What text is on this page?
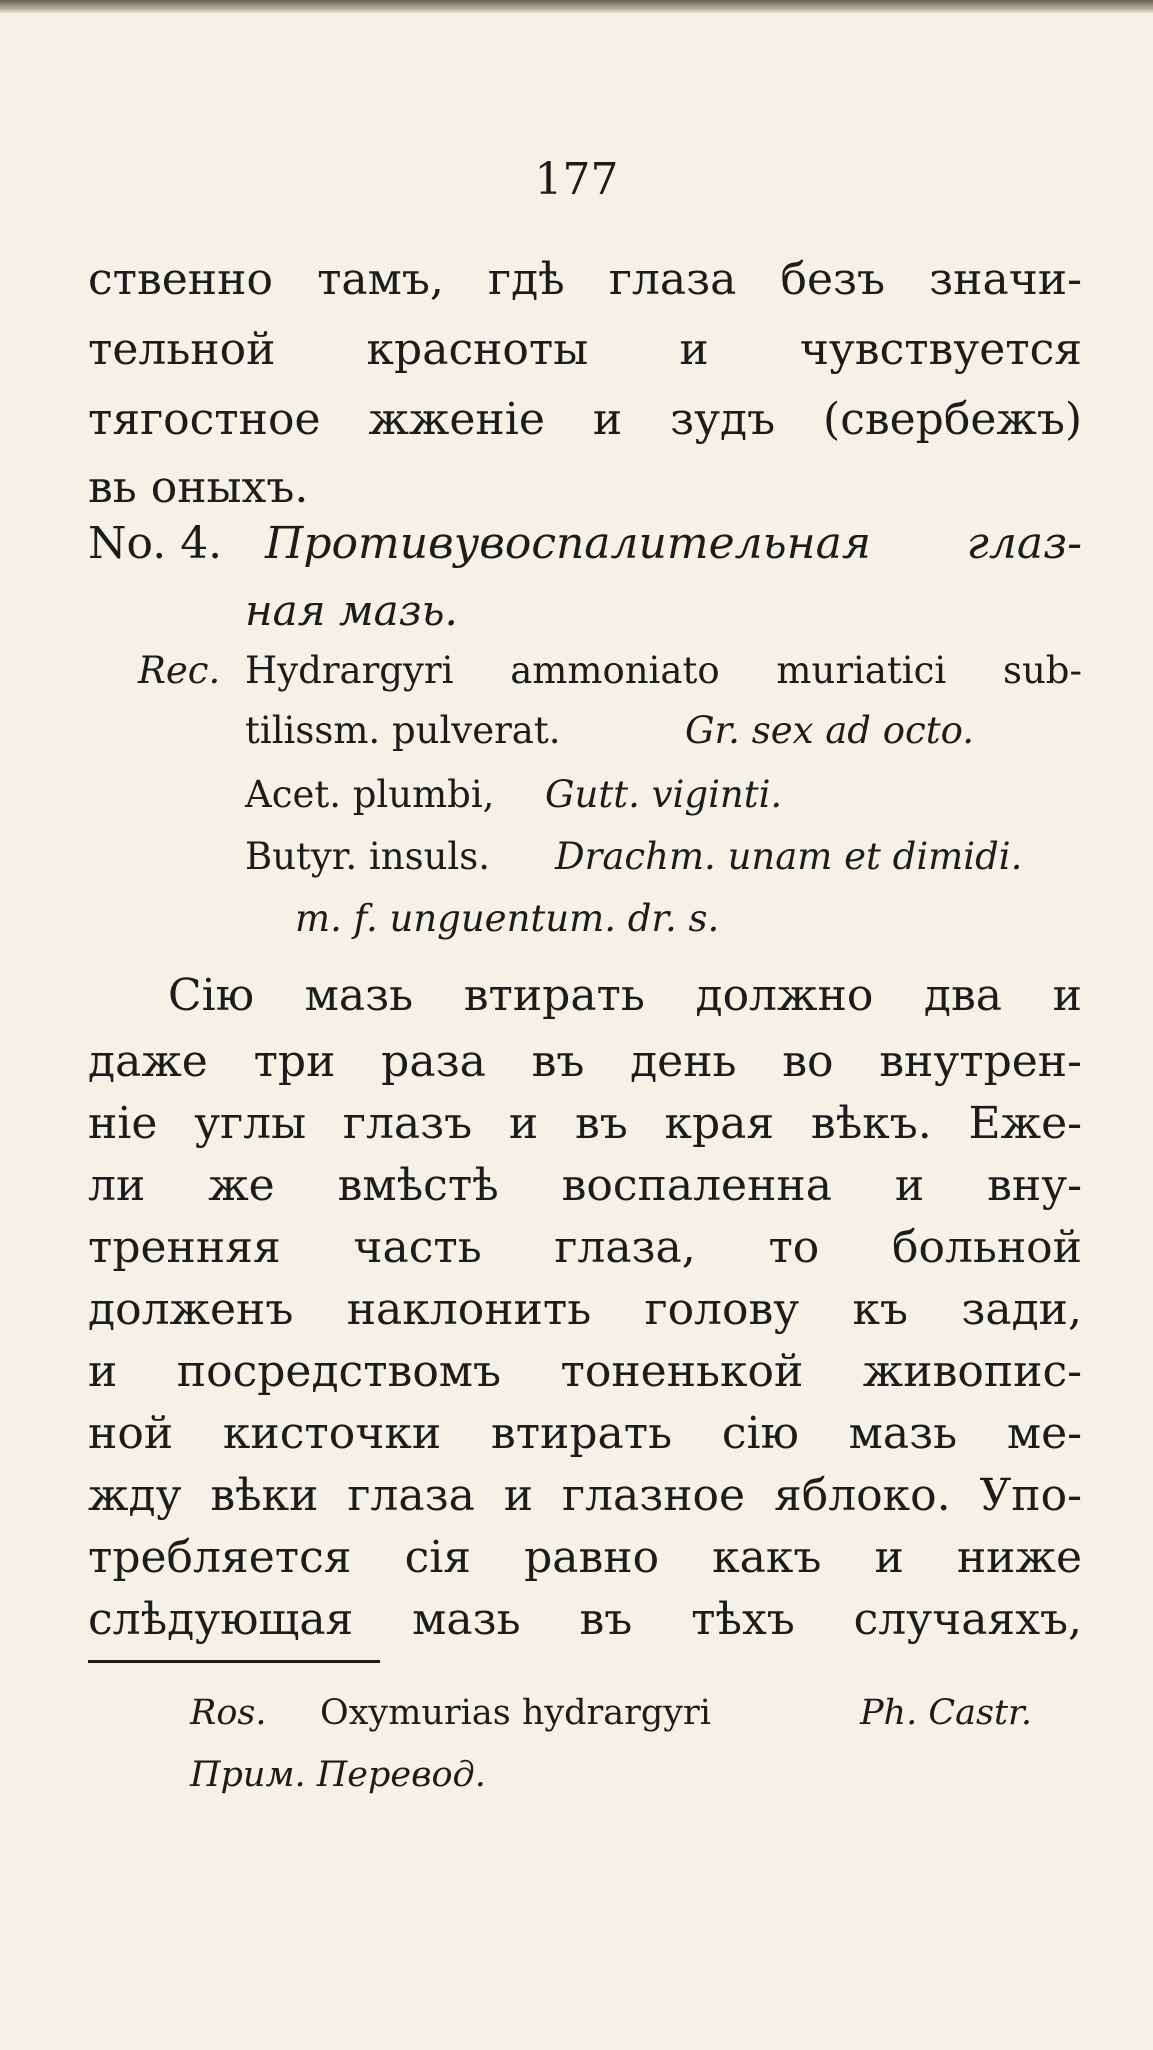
177
ственно тамъ, гдѣ глаза безъ значи-
тельной красноты и чувствуется
тягостное жженіе и зудъ (свербежъ)
вь оныхъ.
No. 4. Противувоспалительная глаз-
ная мазь.
Rec. Hydrargyri ammoniato muriatici sub-
tilissm. pulverat.	Gr. sex ad octo.
Acet. plumbi, Gutt. viginti.
Butyr. insuls. Drachm. unam et dimidi.
m. f. unguentum. dr. s.
Сію мазь втирать должно два и
даже три раза въ день во внутрен-
ніе углы глазъ и въ края вѣкъ. Еже-
ли же вмѣстѣ воспаленна и вну-
тренняя часть глаза, то больной
долженъ наклонить голову къ зади,
и посредствомъ тоненькой живопис-
ной кисточки втирать сію мазь ме-
жду вѣки глаза и глазное яблоко. Упо-
требляется сія равно какъ и ниже
Ros. Oxymurias hydrargyri	Ph. Castr.
Прим. Перевод.
слѣдующая мазь въ тѣхъ случаяхъ,
